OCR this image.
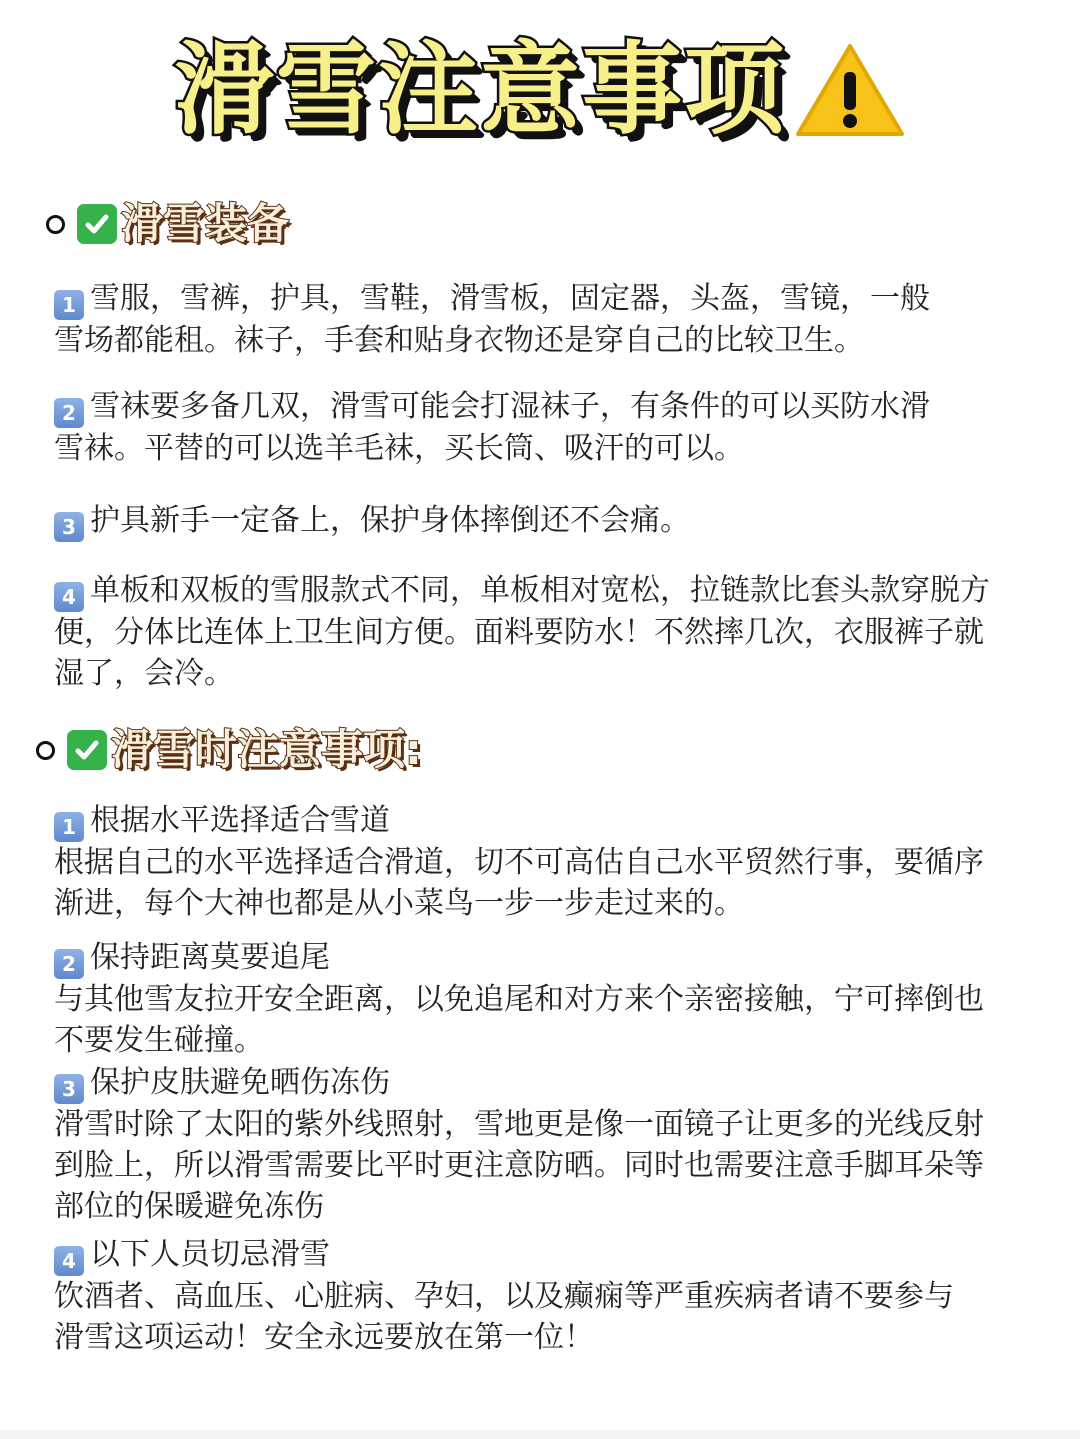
滑雪注意事项
滑雪装备
1 雪服，雪裤，护具，雪鞋，滑雪板，固定器，头盔，雪镜，一般
雪场都能租。袜子，手套和贴身衣物还是穿自己的比较卫生。
2 雪袜要多备几双，滑雪可能会打湿袜子，有条件的可以买防水滑
雪袜。平替的可以选羊毛袜，买长筒、吸汗的可以。
3 护具新手一定备上，保护身体摔倒还不会痛。
4 单板和双板的雪服款式不同，单板相对宽松，拉链款比套头款穿脱方
便，分体比连体上卫生间方便。面料要防水！不然摔几次，衣服裤子就
湿了，会冷。
滑雪时注意事项:
1 根据水平选择适合雪道
根据自己的水平选择适合滑道，切不可高估自己水平贸然行事，要循序
渐进，每个大神也都是从小菜鸟一步一步走过来的。
2 保持距离莫要追尾
与其他雪友拉开安全距离，以免追尾和对方来个亲密接触，宁可摔倒也
不要发生碰撞。
3 保护皮肤避免晒伤冻伤
滑雪时除了太阳的紫外线照射，雪地更是像一面镜子让更多的光线反射
到脸上，所以滑雪需要比平时更注意防晒。同时也需要注意手脚耳朵等
部位的保暖避免冻伤
4 以下人员切忌滑雪
饮酒者、高血压、心脏病、孕妇，以及癫痫等严重疾病者请不要参与
滑雪这项运动！安全永远要放在第一位！
